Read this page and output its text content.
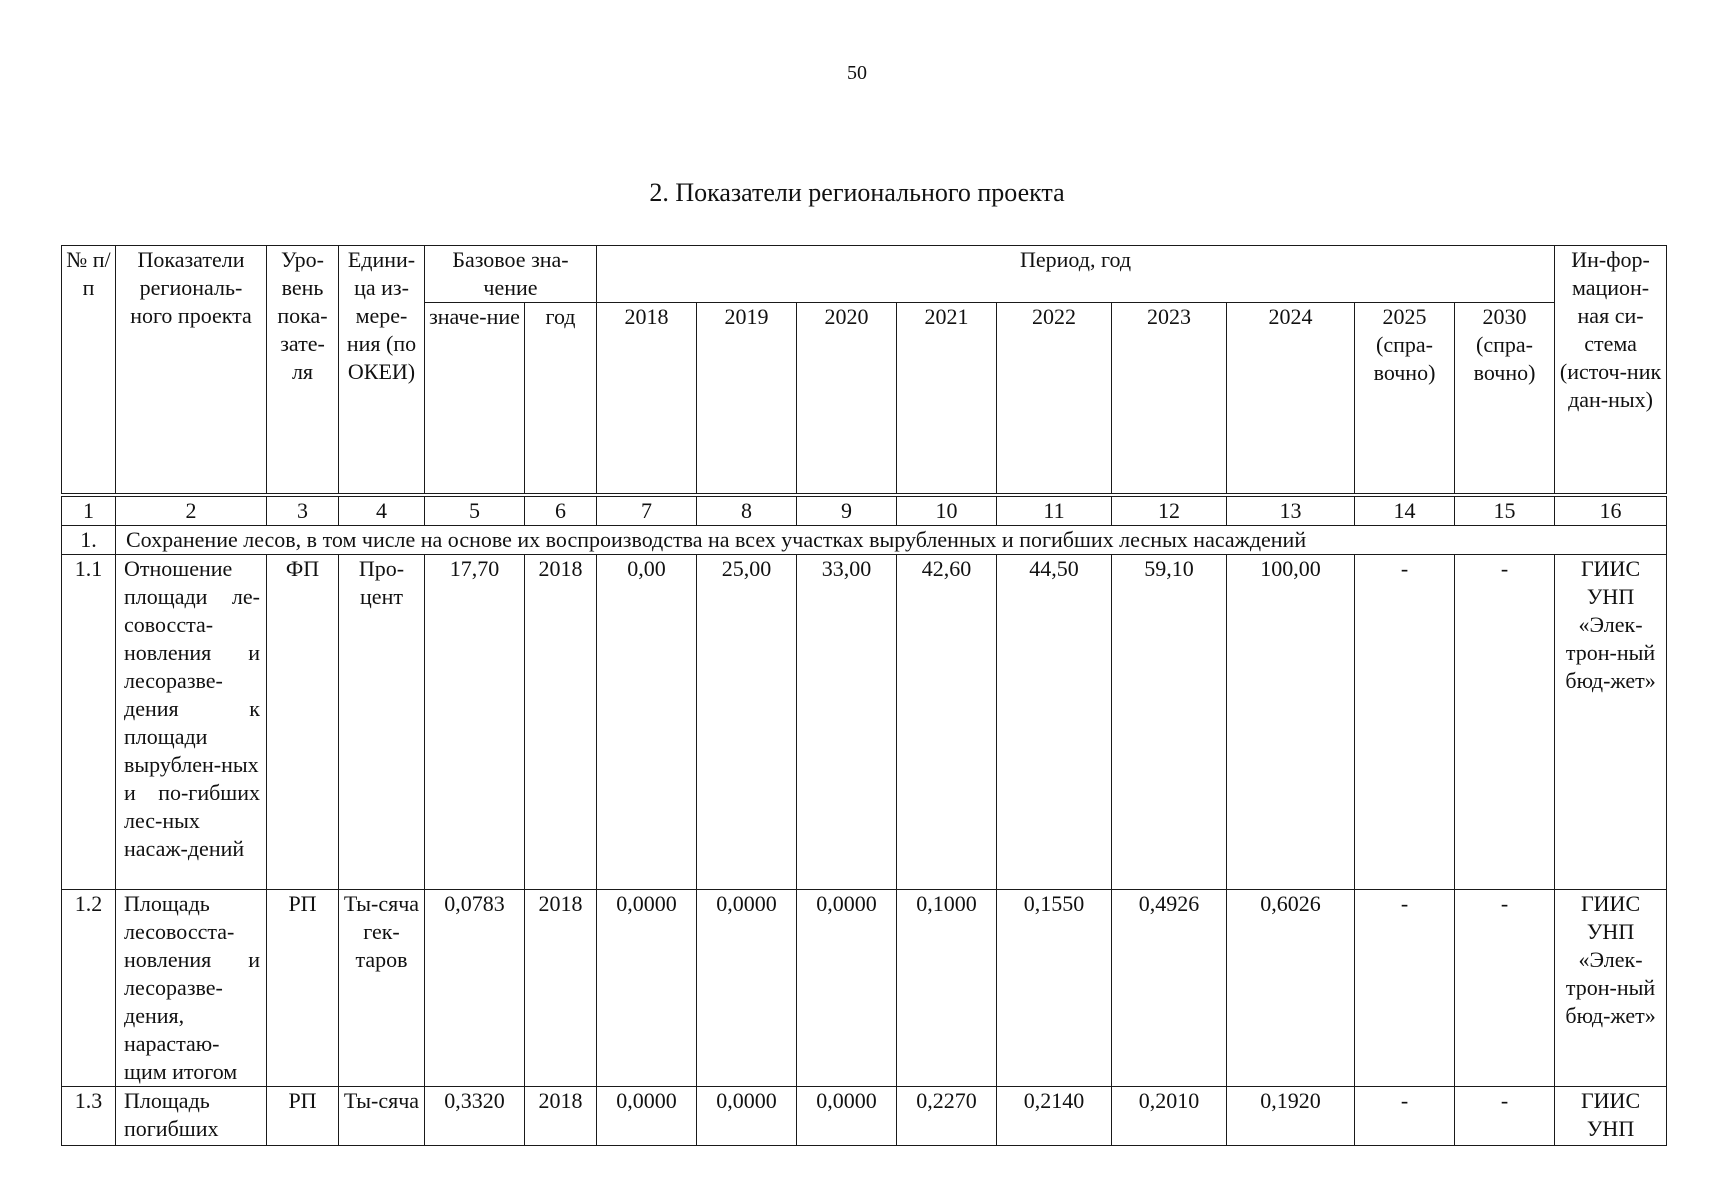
50
2. Показатели регионального проекта
№ п/п	Показатели региональ-ного проекта	Уро-вень пока-зате-ля	Едини-ца из-мере-ния (по ОКЕИ)	Базовое зна-чение		Период, год									Ин-фор-мацион-ная си-стема (источ-ник дан-ных)
				значе-ние	год	2018	2019	2020	2021	2022	2023	2024	2025 (спра-вочно)	2030 (спра-вочно)	
1	2	3	4	5	6	7	8	9	10	11	12	13	14	15	16
1.	Сохранение лесов, в том числе на основе их воспроизводства на всех участках вырубленных и погибших лесных насаждений														
1.1	Отношение площади ле-совосста-новления и лесоразве-дения к площади вырублен-ных и по-гибших лес-ных насаж-дений	ФП	Про-цент	17,70	2018	0,00	25,00	33,00	42,60	44,50	59,10	100,00	-	-	ГИИС УНП «Элек-трон-ный бюд-жет»
1.2	Площадь лесовосста-новления и лесоразве-дения, нарастаю-щим итогом	РП	Ты-сяча гек-таров	0,0783	2018	0,0000	0,0000	0,0000	0,1000	0,1550	0,4926	0,6026	-	-	ГИИС УНП «Элек-трон-ный бюд-жет»
1.3	Площадь погибших	РП	Ты-сяча	0,3320	2018	0,0000	0,0000	0,0000	0,2270	0,2140	0,2010	0,1920	-	-	ГИИС УНП
